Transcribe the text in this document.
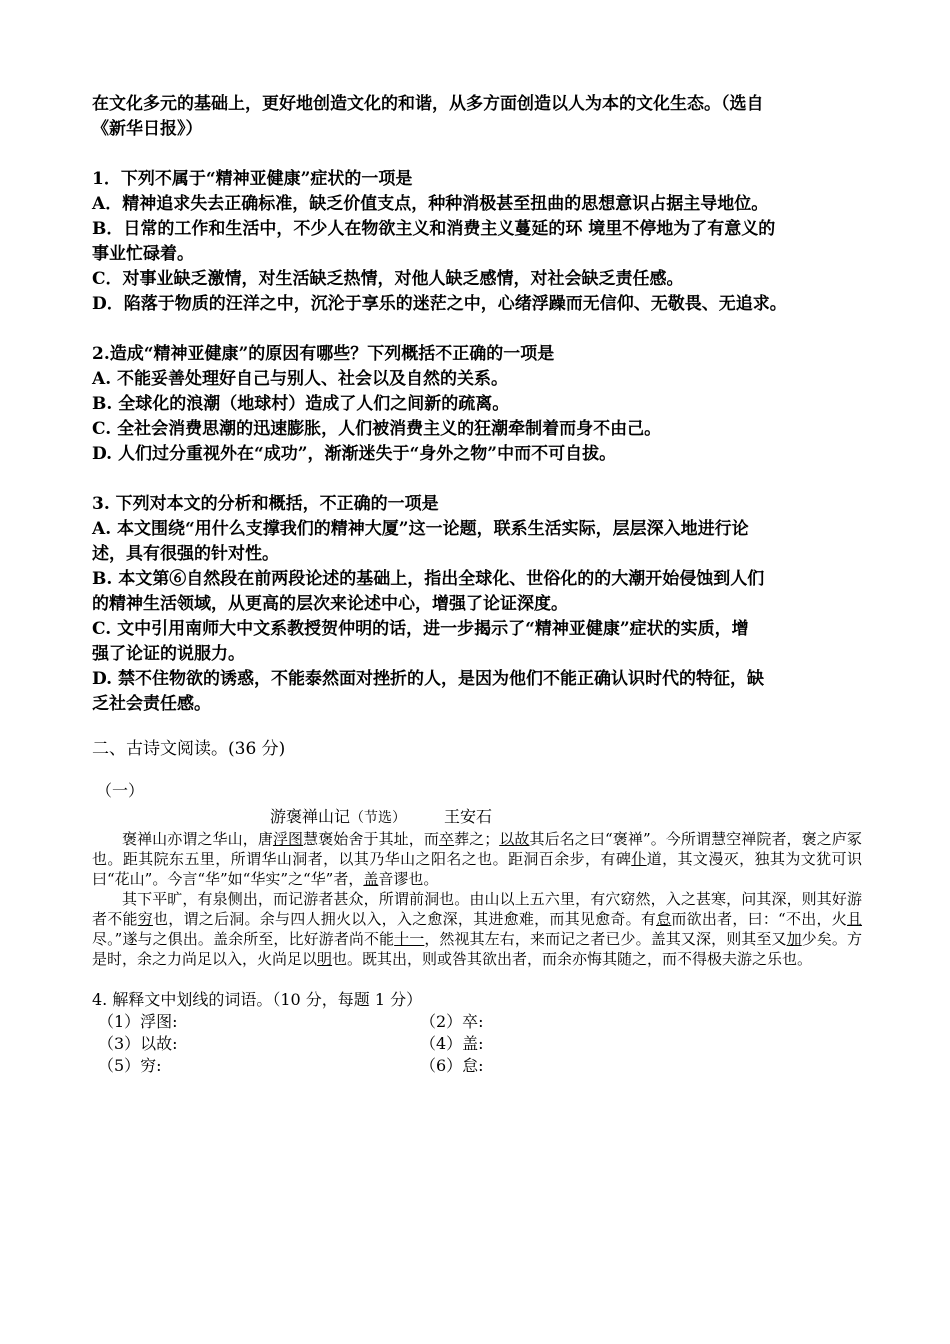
在文化多元的基础上，更好地创造文化的和谐，从多方面创造以人为本的文化生态。（选自

《新华日报》）

1．下列不属于“精神亚健康”症状的一项是

A．精神追求失去正确标准，缺乏价值支点，种种消极甚至扭曲的思想意识占据主导地位。

B．日常的工作和生活中，不少人在物欲主义和消费主义蔓延的环 境里不停地为了有意义的

事业忙碌着。

C．对事业缺乏激情，对生活缺乏热情，对他人缺乏感情，对社会缺乏责任感。

D．陷落于物质的汪洋之中，沉沦于享乐的迷茫之中，心绪浮躁而无信仰、无敬畏、无追求。

2.造成“精神亚健康”的原因有哪些？下列概括不正确的一项是

A. 不能妥善处理好自己与别人、社会以及自然的关系。

B. 全球化的浪潮（地球村）造成了人们之间新的疏离。

C. 全社会消费思潮的迅速膨胀，人们被消费主义的狂潮牵制着而身不由己。

D. 人们过分重视外在“成功”，渐渐迷失于“身外之物”中而不可自拔。

3. 下列对本文的分析和概括，不正确的一项是

A. 本文围绕“用什么支撑我们的精神大厦”这一论题，联系生活实际，层层深入地进行论

述，具有很强的针对性。

B. 本文第⑥自然段在前两段论述的基础上，指出全球化、世俗化的的大潮开始侵蚀到人们

的精神生活领域，从更高的层次来论述中心，增强了论证深度。

C. 文中引用南师大中文系教授贺仲明的话，进一步揭示了“精神亚健康”症状的实质，增

强了论证的说服力。

D. 禁不住物欲的诱惑，不能泰然面对挫折的人，是因为他们不能正确认识时代的特征，缺

乏社会责任感。

二、古诗文阅读。(36 分)

（一）

游褒禅山记（节选） 王安石

褒禅山亦谓之华山，唐浮图慧褒始舍于其址，而卒葬之；以故其后名之曰“褒禅”。今所谓慧空禅院者，褒之庐冢也。距其院东五里，所谓华山洞者，以其乃华山之阳名之也。距洞百余步，有碑仆道，其文漫灭，独其为文犹可识曰“花山”。今言“华”如“华实”之“华”者，盖音谬也。

其下平旷，有泉侧出，而记游者甚众，所谓前洞也。由山以上五六里，有穴窈然，入之甚寒，问其深，则其好游者不能穷也，谓之后洞。余与四人拥火以入，入之愈深，其进愈难，而其见愈奇。有怠而欲出者，曰：“不出，火且尽。”遂与之俱出。盖余所至，比好游者尚不能十一，然视其左右，来而记之者已少。盖其又深，则其至又加少矣。方是时，余之力尚足以入，火尚足以明也。既其出，则或咎其欲出者，而余亦悔其随之，而不得极夫游之乐也。

4. 解释文中划线的词语。（10 分，每题 1 分）

（1）浮图:	（2）卒:
（3）以故:	（4）盖:
（5）穷:	（6）怠:
